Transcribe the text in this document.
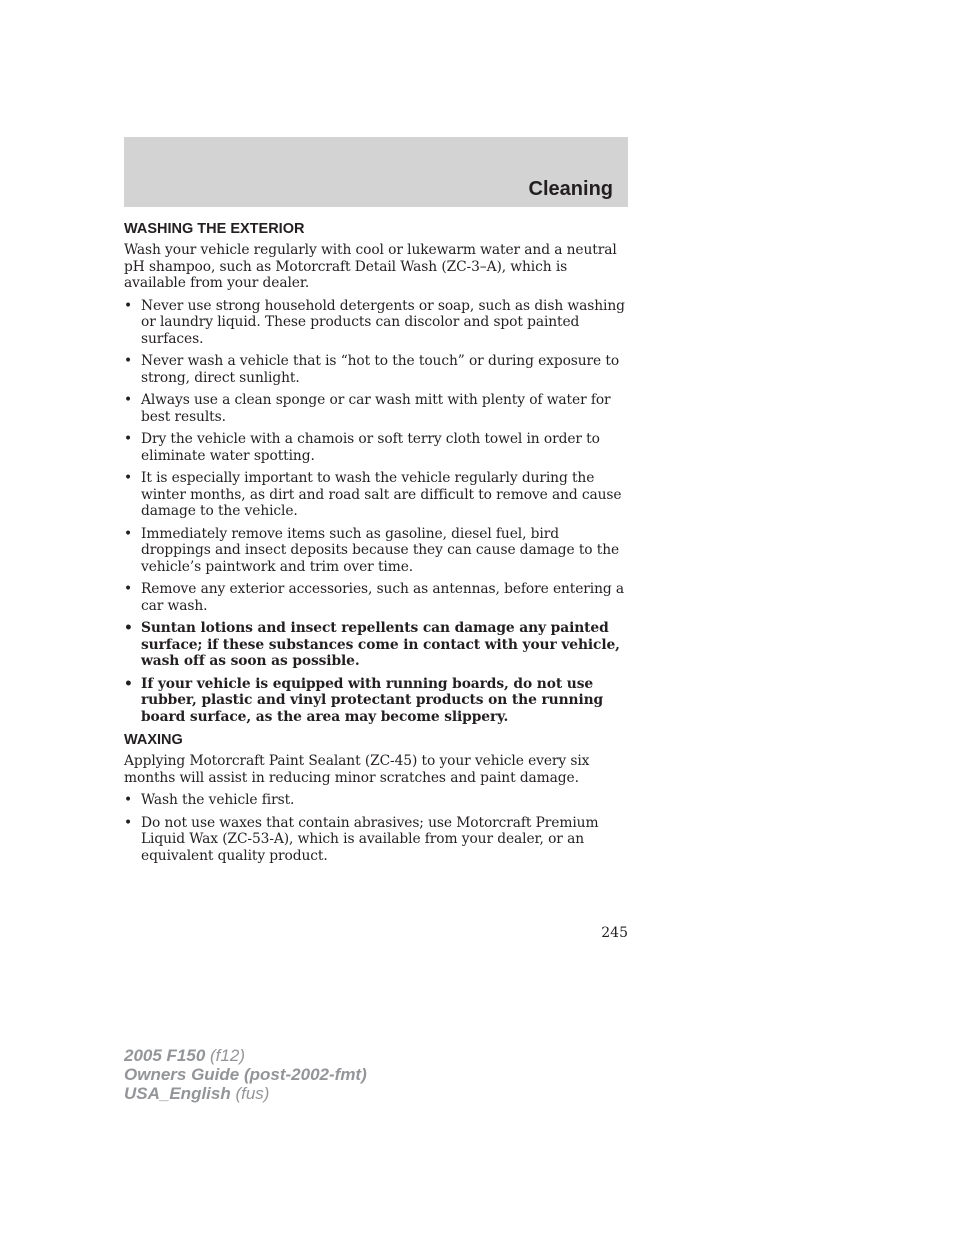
Cleaning
WASHING THE EXTERIOR

Wash your vehicle regularly with cool or lukewarm water and a neutral pH shampoo, such as Motorcraft Detail Wash (ZC-3–A), which is available from your dealer.

• Never use strong household detergents or soap, such as dish washing or laundry liquid. These products can discolor and spot painted surfaces.
• Never wash a vehicle that is “hot to the touch” or during exposure to strong, direct sunlight.
• Always use a clean sponge or car wash mitt with plenty of water for best results.
• Dry the vehicle with a chamois or soft terry cloth towel in order to eliminate water spotting.
• It is especially important to wash the vehicle regularly during the winter months, as dirt and road salt are difficult to remove and cause damage to the vehicle.
• Immediately remove items such as gasoline, diesel fuel, bird droppings and insect deposits because they can cause damage to the vehicle’s paintwork and trim over time.
• Remove any exterior accessories, such as antennas, before entering a car wash.
• Suntan lotions and insect repellents can damage any painted surface; if these substances come in contact with your vehicle, wash off as soon as possible.
• If your vehicle is equipped with running boards, do not use rubber, plastic and vinyl protectant products on the running board surface, as the area may become slippery.
WAXING

Applying Motorcraft Paint Sealant (ZC-45) to your vehicle every six months will assist in reducing minor scratches and paint damage.

• Wash the vehicle first.
• Do not use waxes that contain abrasives; use Motorcraft Premium Liquid Wax (ZC-53-A), which is available from your dealer, or an equivalent quality product.
245
2005 F150 (f12)
Owners Guide (post-2002-fmt)
USA_English (fus)
